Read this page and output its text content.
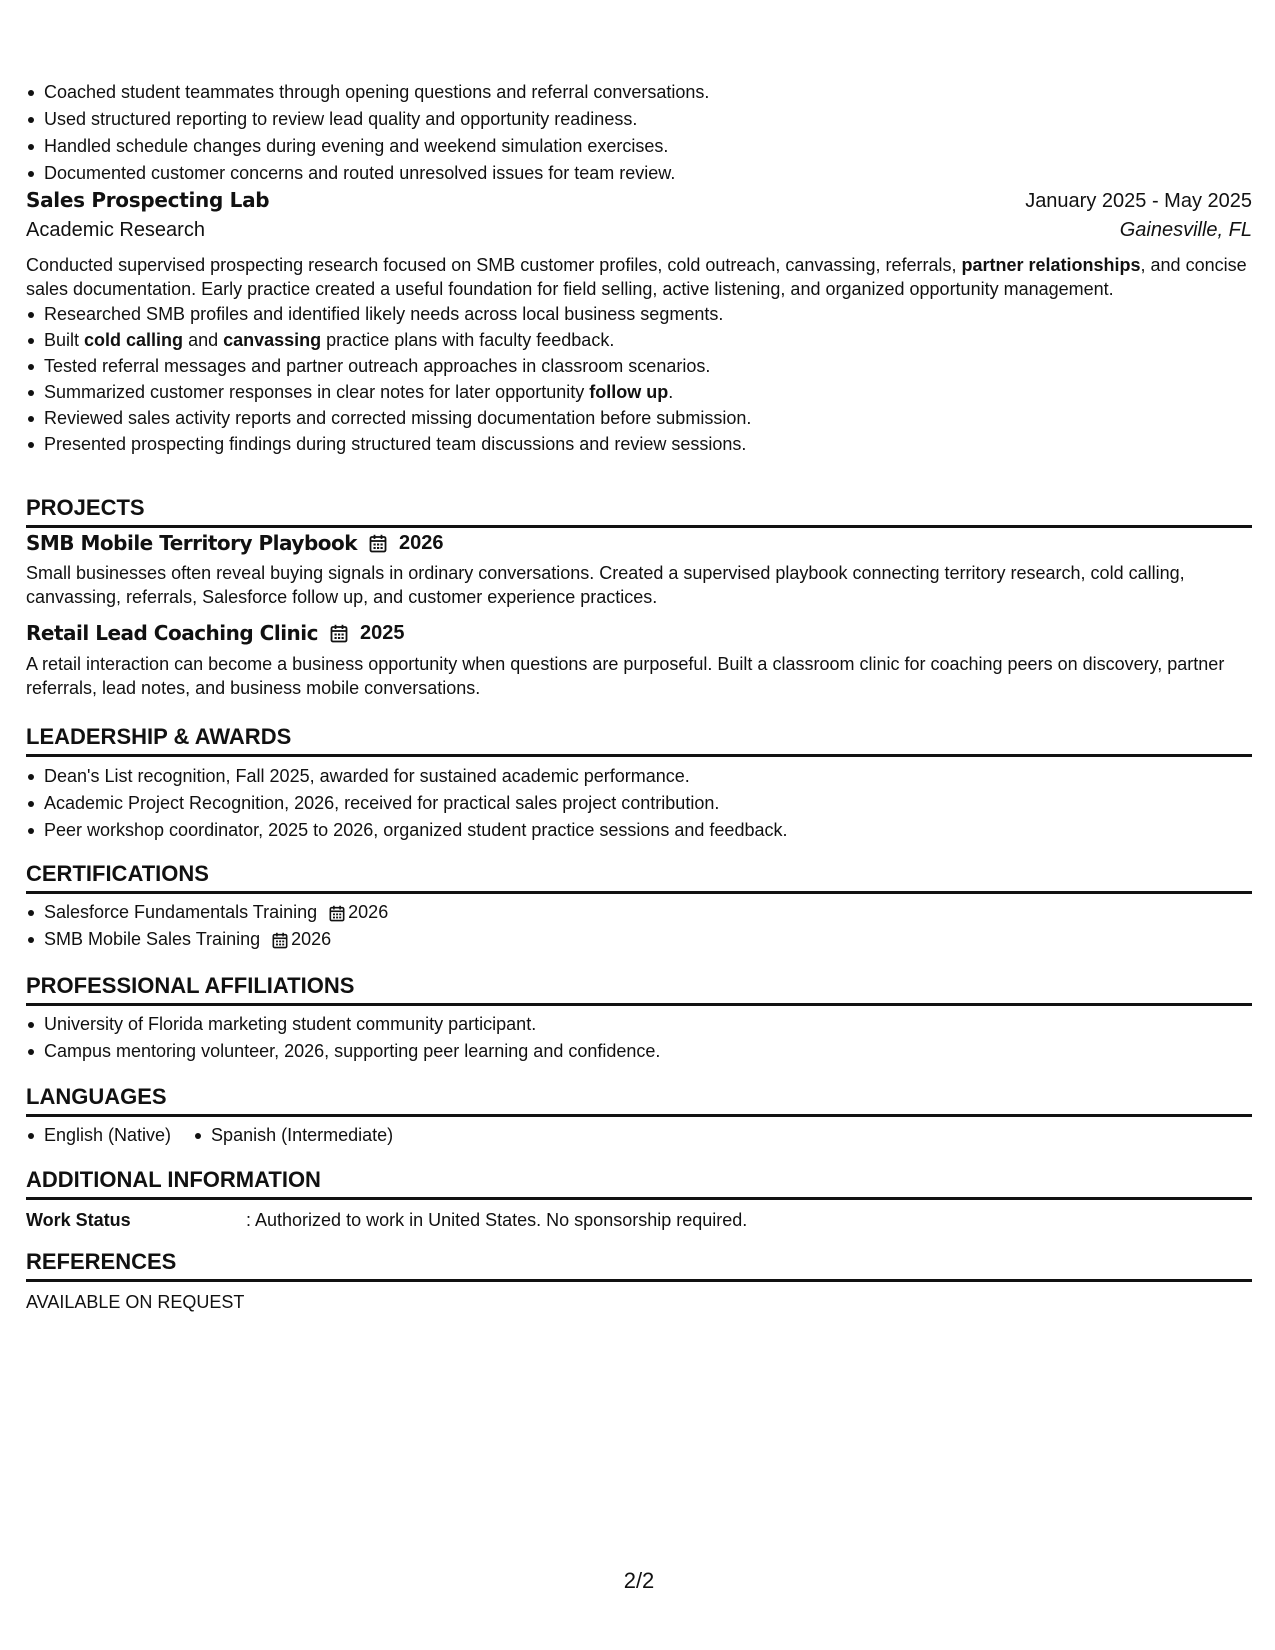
Coached student teammates through opening questions and referral conversations.
Used structured reporting to review lead quality and opportunity readiness.
Handled schedule changes during evening and weekend simulation exercises.
Documented customer concerns and routed unresolved issues for team review.
Sales Prospecting Lab	January 2025 - May 2025
Academic Research	Gainesville, FL

Conducted supervised prospecting research focused on SMB customer profiles, cold outreach, canvassing, referrals, partner relationships, and concise sales documentation. Early practice created a useful foundation for field selling, active listening, and organized opportunity management.

Researched SMB profiles and identified likely needs across local business segments.
Built cold calling and canvassing practice plans with faculty feedback.
Tested referral messages and partner outreach approaches in classroom scenarios.
Summarized customer responses in clear notes for later opportunity follow up.
Reviewed sales activity reports and corrected missing documentation before submission.
Presented prospecting findings during structured team discussions and review sessions.
PROJECTS
SMB Mobile Territory Playbook 2026

Small businesses often reveal buying signals in ordinary conversations. Created a supervised playbook connecting territory research, cold calling, canvassing, referrals, Salesforce follow up, and customer experience practices.

Retail Lead Coaching Clinic 2025

A retail interaction can become a business opportunity when questions are purposeful. Built a classroom clinic for coaching peers on discovery, partner referrals, lead notes, and business mobile conversations.

LEADERSHIP & AWARDS
Dean's List recognition, Fall 2025, awarded for sustained academic performance.
Academic Project Recognition, 2026, received for practical sales project contribution.
Peer workshop coordinator, 2025 to 2026, organized student practice sessions and feedback.
CERTIFICATIONS
Salesforce Fundamentals Training 2026
SMB Mobile Sales Training 2026
PROFESSIONAL AFFILIATIONS
University of Florida marketing student community participant.
Campus mentoring volunteer, 2026, supporting peer learning and confidence.
LANGUAGES
English (Native)	Spanish (Intermediate)
ADDITIONAL INFORMATION
Work Status	: Authorized to work in United States. No sponsorship required.
REFERENCES
AVAILABLE ON REQUEST
2/2
